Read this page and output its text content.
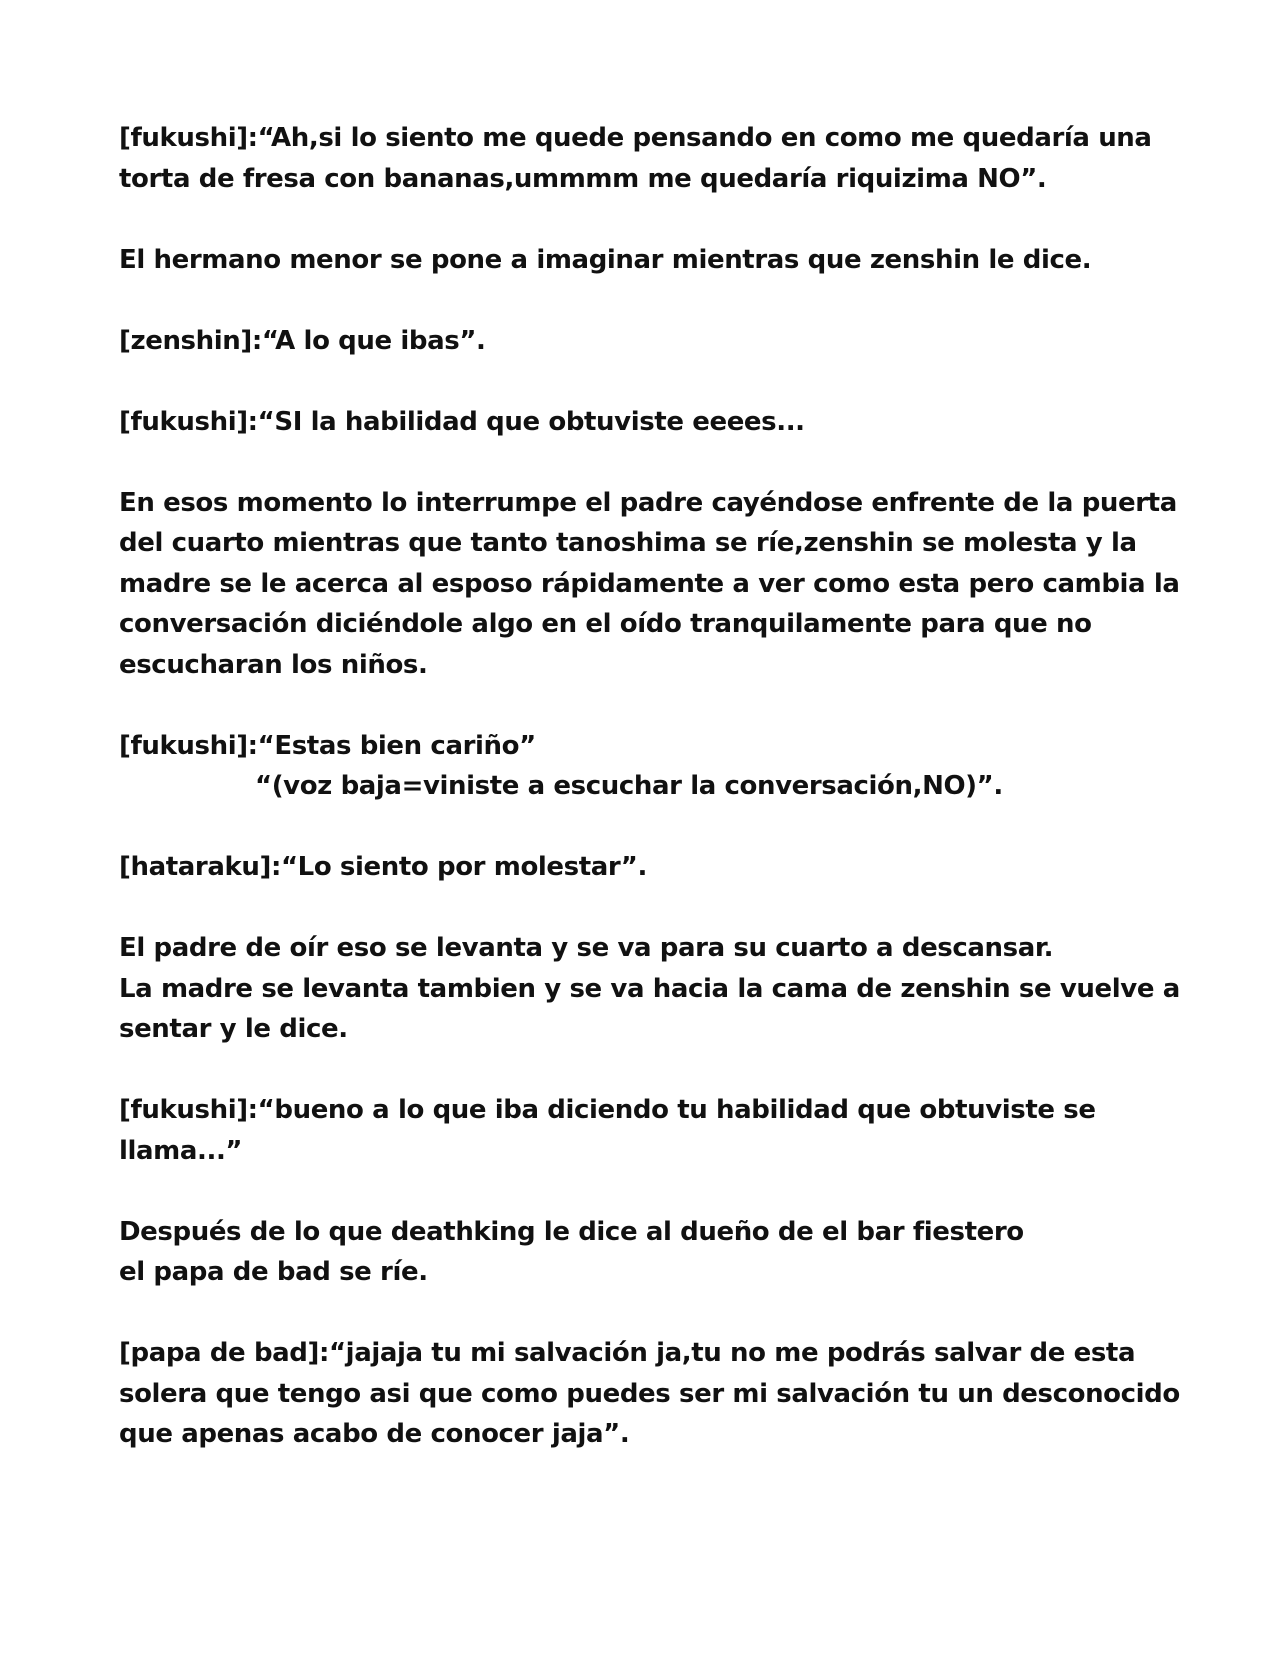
[fukushi]:“Ah,si lo siento me quede pensando en como me quedaría una
torta de fresa con bananas,ummmm me quedaría riquizima NO”.

El hermano menor se pone a imaginar mientras que zenshin le dice.

[zenshin]:“A lo que ibas”.

[fukushi]:“SI la habilidad que obtuviste eeees...

En esos momento lo interrumpe el padre cayéndose enfrente de la puerta
del cuarto mientras que tanto tanoshima se ríe,zenshin se molesta y la
madre se le acerca al esposo rápidamente a ver como esta pero cambia la
conversación diciéndole algo en el oído tranquilamente para que no
escucharan los niños.

[fukushi]:“Estas bien cariño”
“(voz baja=viniste a escuchar la conversación,NO)”.

[hataraku]:“Lo siento por molestar”.

El padre de oír eso se levanta y se va para su cuarto a descansar.
La madre se levanta tambien y se va hacia la cama de zenshin se vuelve a
sentar y le dice.

[fukushi]:“bueno a lo que iba diciendo tu habilidad que obtuviste se
llama...”

Después de lo que deathking le dice al dueño de el bar fiestero
el papa de bad se ríe.

[papa de bad]:“jajaja tu mi salvación ja,tu no me podrás salvar de esta
solera que tengo asi que como puedes ser mi salvación tu un desconocido
que apenas acabo de conocer jaja”.
